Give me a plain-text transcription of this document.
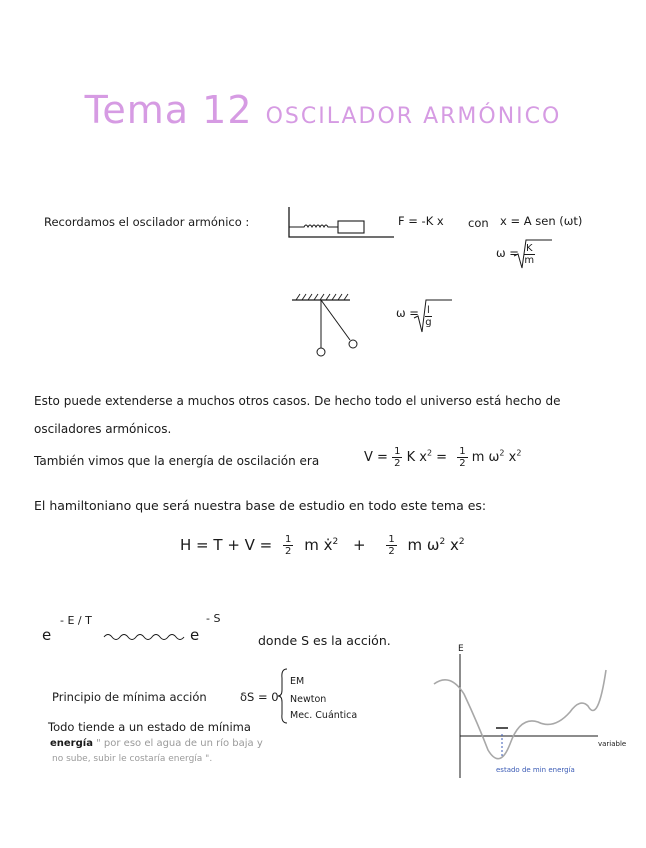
Tema 12 OSCILADOR ARMÓNICO
Recordamos el oscilador armónico :	F = -K x con x = A sen (ωt)
$\omega = \frac{K}{m}$
$\omega = \frac{l}{g}$
Esto puede extenderse a muchos otros casos. De hecho todo el universo está hecho de
osciladores armónicos.
También vimos que la energía de oscilación era	$V = \frac{1}{2}$ K $x^2 = \frac{1}{2}$ m $\omega^2$ $x^2$
El hamiltoniano que será nuestra base de estudio en todo este tema es:
$H = T + V = \frac{1}{2}$ m ẋ$^2$ + $\frac{1}{2}$ m $\omega^2$ $x^2$
e
- E / T
e
- S
donde S es la acción.
Principio de mínima acción	δS = 0
EM
Newton
Mec. Cuántica
Todo tiende a un estado de mínima
energía " por eso el agua de un río baja y
no sube, subir le costaría energía ".
E
variable
estado de min energía
